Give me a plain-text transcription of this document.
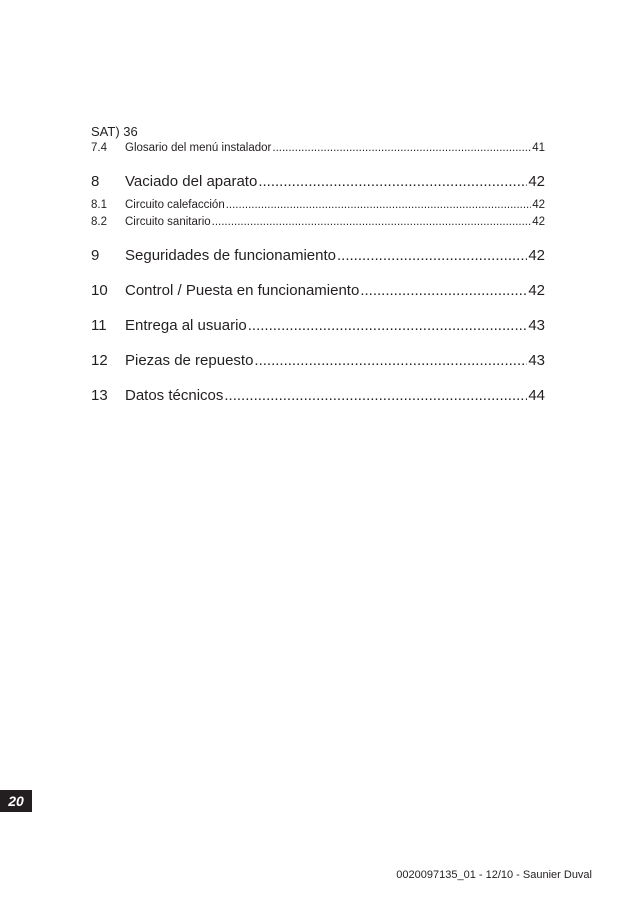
SAT) 36
7.4	Glosario del menú instalador .....	41
8	Vaciado del aparato .....	42
8.1	Circuito calefacción .....	42
8.2	Circuito sanitario .....	42
9	Seguridades de funcionamiento .....	42
10	Control / Puesta en funcionamiento .....	42
11	Entrega al usuario .....	43
12	Piezas de repuesto .....	43
13	Datos técnicos .....	44
20
0020097135_01 - 12/10 - Saunier Duval
